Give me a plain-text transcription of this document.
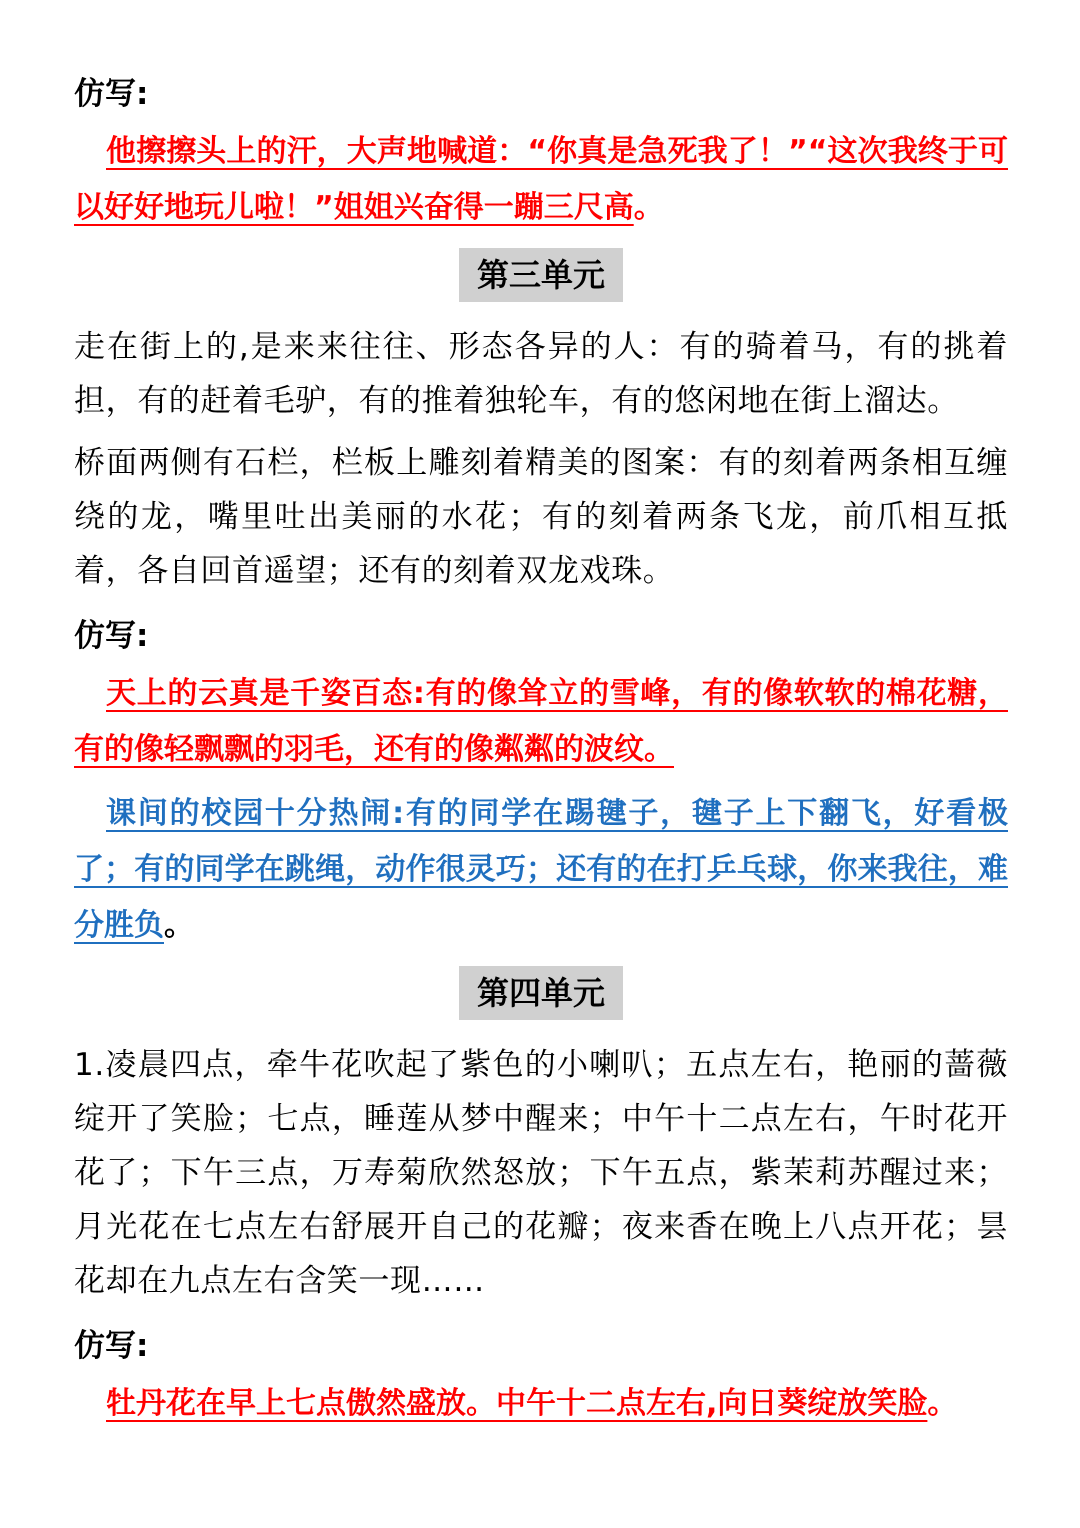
仿写:

他擦擦头上的汗，大声地喊道：“你真是急死我了！”“这次我终于可以好好地玩儿啦！”姐姐兴奋得一蹦三尺高。

第三单元

走在街上的,是来来往往、形态各异的人：有的骑着马，有的挑着担，有的赶着毛驴，有的推着独轮车，有的悠闲地在街上溜达。

桥面两侧有石栏，栏板上雕刻着精美的图案：有的刻着两条相互缠绕的龙，嘴里吐出美丽的水花；有的刻着两条飞龙，前爪相互抵着，各自回首遥望；还有的刻着双龙戏珠。

仿写:

天上的云真是千姿百态:有的像耸立的雪峰，有的像软软的棉花糖，有的像轻飘飘的羽毛，还有的像粼粼的波纹。

课间的校园十分热闹:有的同学在踢毽子，毽子上下翻飞，好看极了；有的同学在跳绳，动作很灵巧；还有的在打乒乓球，你来我往，难分胜负。

第四单元

1.凌晨四点，牵牛花吹起了紫色的小喇叭；五点左右，艳丽的蔷薇绽开了笑脸；七点，睡莲从梦中醒来；中午十二点左右，午时花开花了；下午三点，万寿菊欣然怒放；下午五点，紫茉莉苏醒过来；月光花在七点左右舒展开自己的花瓣；夜来香在晚上八点开花；昙花却在九点左右含笑一现……

仿写:

牡丹花在早上七点傲然盛放。中午十二点左右,向日葵绽放笑脸。
